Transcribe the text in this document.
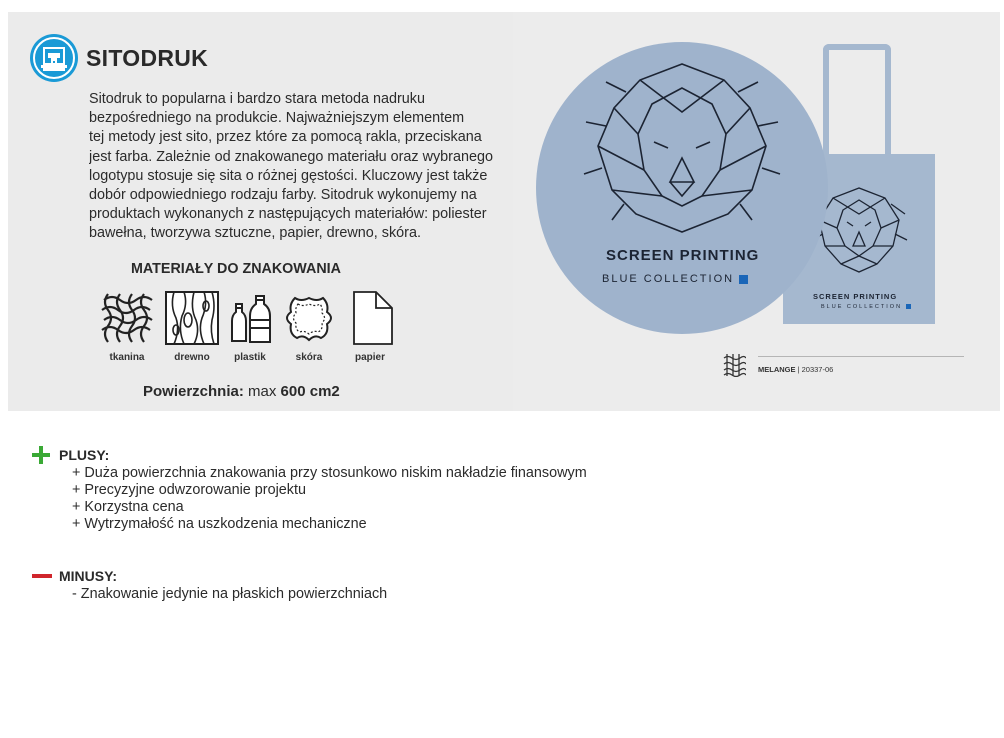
SITODRUK
Sitodruk to popularna i bardzo stara metoda nadruku
bezpośredniego na produkcie. Najważniejszym elementem
tej metody jest sito, przez które za pomocą rakla, przeciskana
jest farba. Zależnie od znakowanego materiału oraz wybranego
logotypu stosuje się sita o różnej gęstości. Kluczowy jest także
dobór odpowiedniego rodzaju farby. Sitodruk wykonujemy na
produktach wykonanych z następujących materiałów: poliester
bawełna, tworzywa sztuczne, papier, drewno, skóra.
MATERIAŁY DO ZNAKOWANIA
tkanina	drewno	plastik	skóra	papier
Powierzchnia: max 600 cm2
SCREEN PRINTING
BLUE COLLECTION
SCREEN PRINTING
BLUE COLLECTION
MELANGE | 20337-06
PLUSY:
+ Duża powierzchnia znakowania przy stosunkowo niskim nakładzie finansowym
+ Precyzyjne odwzorowanie projektu
+ Korzystna cena
+ Wytrzymałość na uszkodzenia mechaniczne
MINUSY:
- Znakowanie jedynie na płaskich powierzchniach
